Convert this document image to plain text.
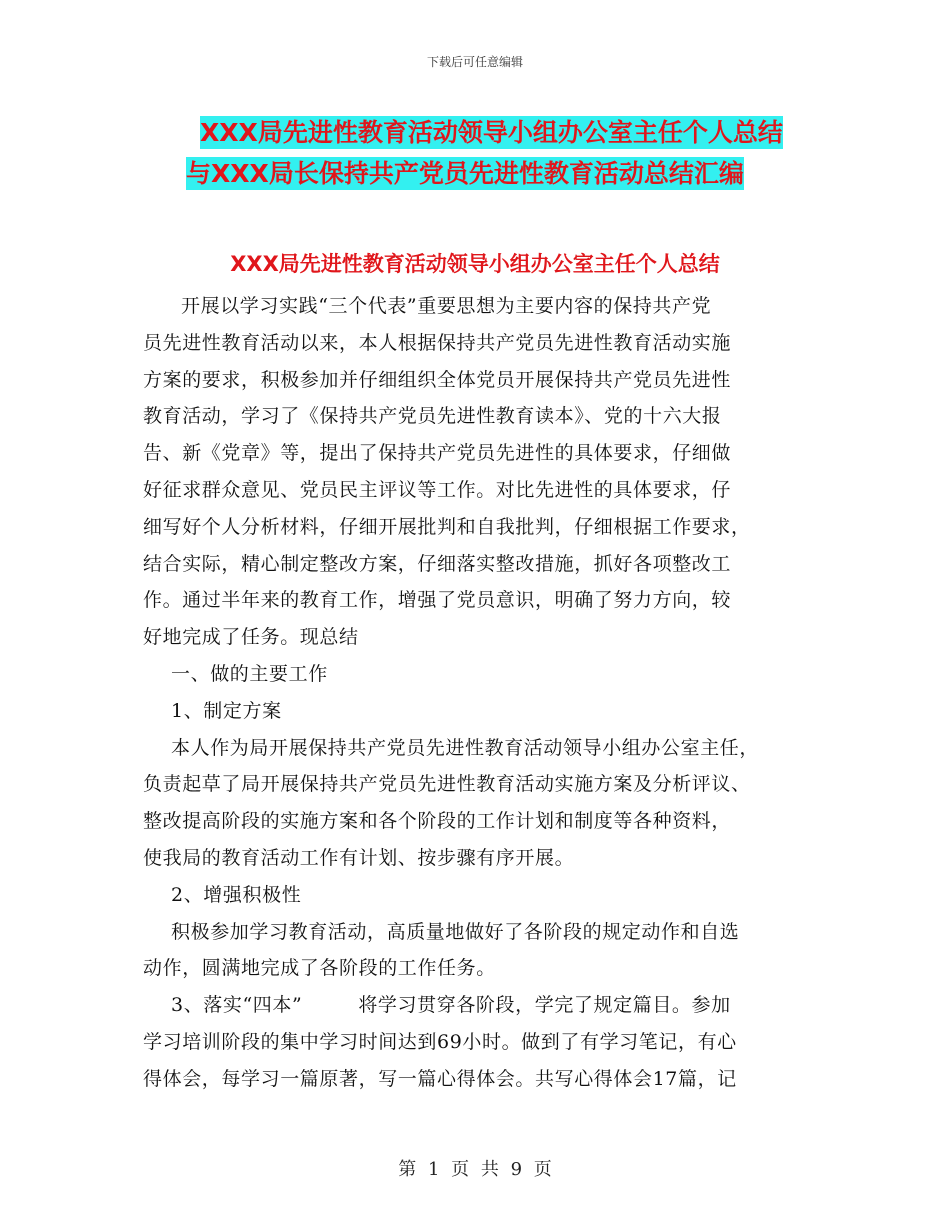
下载后可任意编辑
XXX局先进性教育活动领导小组办公室主任个人总结
与XXX局长保持共产党员先进性教育活动总结汇编
XXX局先进性教育活动领导小组办公室主任个人总结
开展以学习实践“三个代表”重要思想为主要内容的保持共产党
员先进性教育活动以来，本人根据保持共产党员先进性教育活动实施
方案的要求，积极参加并仔细组织全体党员开展保持共产党员先进性
教育活动，学习了《保持共产党员先进性教育读本》、党的十六大报
告、新《党章》等，提出了保持共产党员先进性的具体要求，仔细做
好征求群众意见、党员民主评议等工作。对比先进性的具体要求，仔
细写好个人分析材料，仔细开展批判和自我批判，仔细根据工作要求，
结合实际，精心制定整改方案，仔细落实整改措施，抓好各项整改工
作。通过半年来的教育工作，增强了党员意识，明确了努力方向，较
好地完成了任务。现总结
一、做的主要工作
1、制定方案
本人作为局开展保持共产党员先进性教育活动领导小组办公室主任，
负责起草了局开展保持共产党员先进性教育活动实施方案及分析评议、
整改提高阶段的实施方案和各个阶段的工作计划和制度等各种资料，
使我局的教育活动工作有计划、按步骤有序开展。
2、增强积极性
积极参加学习教育活动，高质量地做好了各阶段的规定动作和自选
动作，圆满地完成了各阶段的工作任务。
3、落实“四本”	将学习贯穿各阶段，学完了规定篇目。参加
学习培训阶段的集中学习时间达到69小时。做到了有学习笔记，有心
得体会，每学习一篇原著，写一篇心得体会。共写心得体会17篇，记
第 1 页 共 9 页
